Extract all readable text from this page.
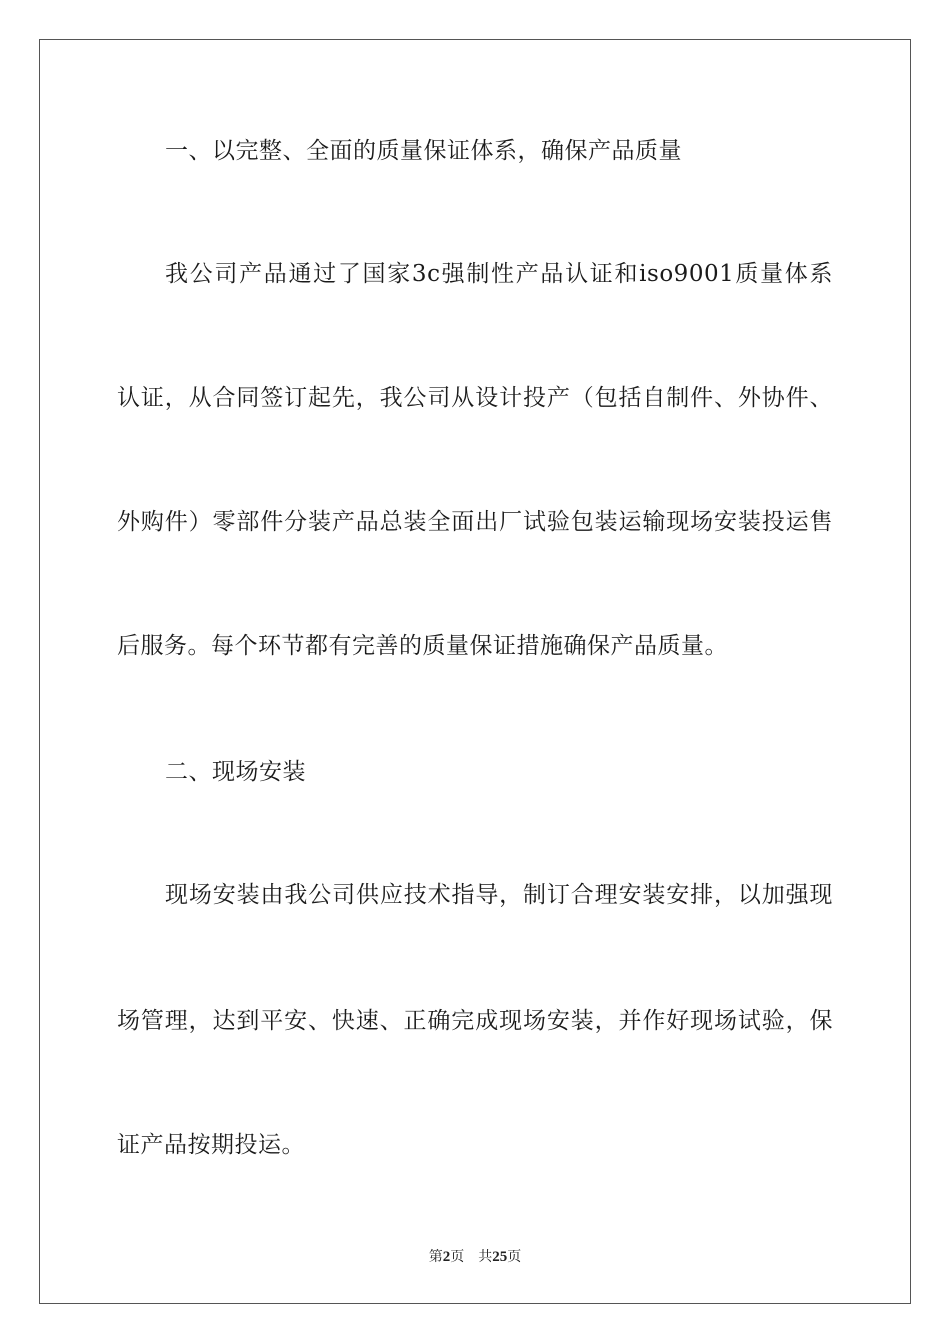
一、以完整、全面的质量保证体系，确保产品质量
我公司产品通过了国家3c强制性产品认证和iso9001质量体系
认证，从合同签订起先，我公司从设计投产（包括自制件、外协件、
外购件）零部件分装产品总装全面出厂试验包装运输现场安装投运售
后服务。每个环节都有完善的质量保证措施确保产品质量。
二、现场安装
现场安装由我公司供应技术指导，制订合理安装安排，以加强现
场管理，达到平安、快速、正确完成现场安装，并作好现场试验，保
证产品按期投运。
第2页 共25页
